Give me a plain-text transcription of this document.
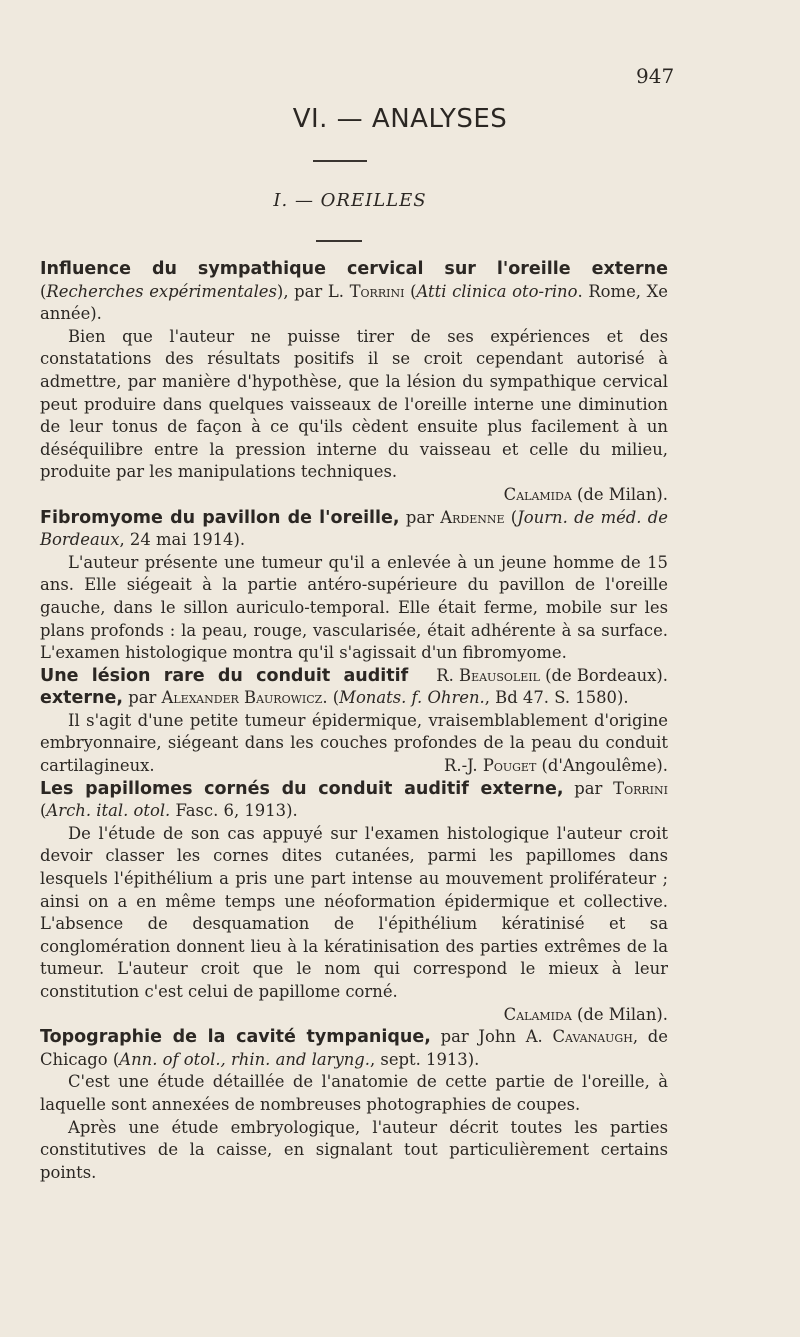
947
VI. — ANALYSES
I. — OREILLES

Influence du sympathique cervical sur l'oreille externe (Recherches expérimentales), par L. Torrini (Atti clinica oto-rino. Rome, Xe année).

Bien que l'auteur ne puisse tirer de ses expériences et des constatations des résultats positifs il se croit cependant autorisé à admettre, par manière d'hypothèse, que la lésion du sympathique cervical peut produire dans quelques vaisseaux de l'oreille interne une diminution de leur tonus de façon à ce qu'ils cèdent ensuite plus facilement à un déséquilibre entre la pression interne du vaisseau et celle du milieu, produite par les manipulations techniques.

Calamida (de Milan).

Fibromyome du pavillon de l'oreille, par Ardenne (Journ. de méd. de Bordeaux, 24 mai 1914).

L'auteur présente une tumeur qu'il a enlevée à un jeune homme de 15 ans. Elle siégeait à la partie antéro-supérieure du pavillon de l'oreille gauche, dans le sillon auriculo-temporal. Elle était ferme, mobile sur les plans profonds : la peau, rouge, vascularisée, était adhérente à sa surface. L'examen histologique montra qu'il s'agissait d'un fibromyome.
R. Beausoleil (de Bordeaux).

Une lésion rare du conduit auditif externe, par Alexander Baurowicz. (Monats. f. Ohren., Bd 47. S. 1580).

Il s'agit d'une petite tumeur épidermique, vraisemblablement d'origine embryonnaire, siégeant dans les couches profondes de la peau du conduit cartilagineux.	R.-J. Pouget (d'Angoulême).

Les papillomes cornés du conduit auditif externe, par Torrini (Arch. ital. otol. Fasc. 6, 1913).

De l'étude de son cas appuyé sur l'examen histologique l'auteur croit devoir classer les cornes dites cutanées, parmi les papillomes dans lesquels l'épithélium a pris une part intense au mouvement proliférateur ; ainsi on a en même temps une néoformation épidermique et collective. L'absence de desquamation de l'épithélium kératinisé et sa conglomération donnent lieu à la kératinisation des parties extrêmes de la tumeur. L'auteur croit que le nom qui correspond le mieux à leur constitution c'est celui de papillome corné.

Calamida (de Milan).

Topographie de la cavité tympanique, par John A. Cavanaugh, de Chicago (Ann. of otol., rhin. and laryng., sept. 1913).

C'est une étude détaillée de l'anatomie de cette partie de l'oreille, à laquelle sont annexées de nombreuses photographies de coupes.

Après une étude embryologique, l'auteur décrit toutes les parties constitutives de la caisse, en signalant tout particulièrement certains points.
